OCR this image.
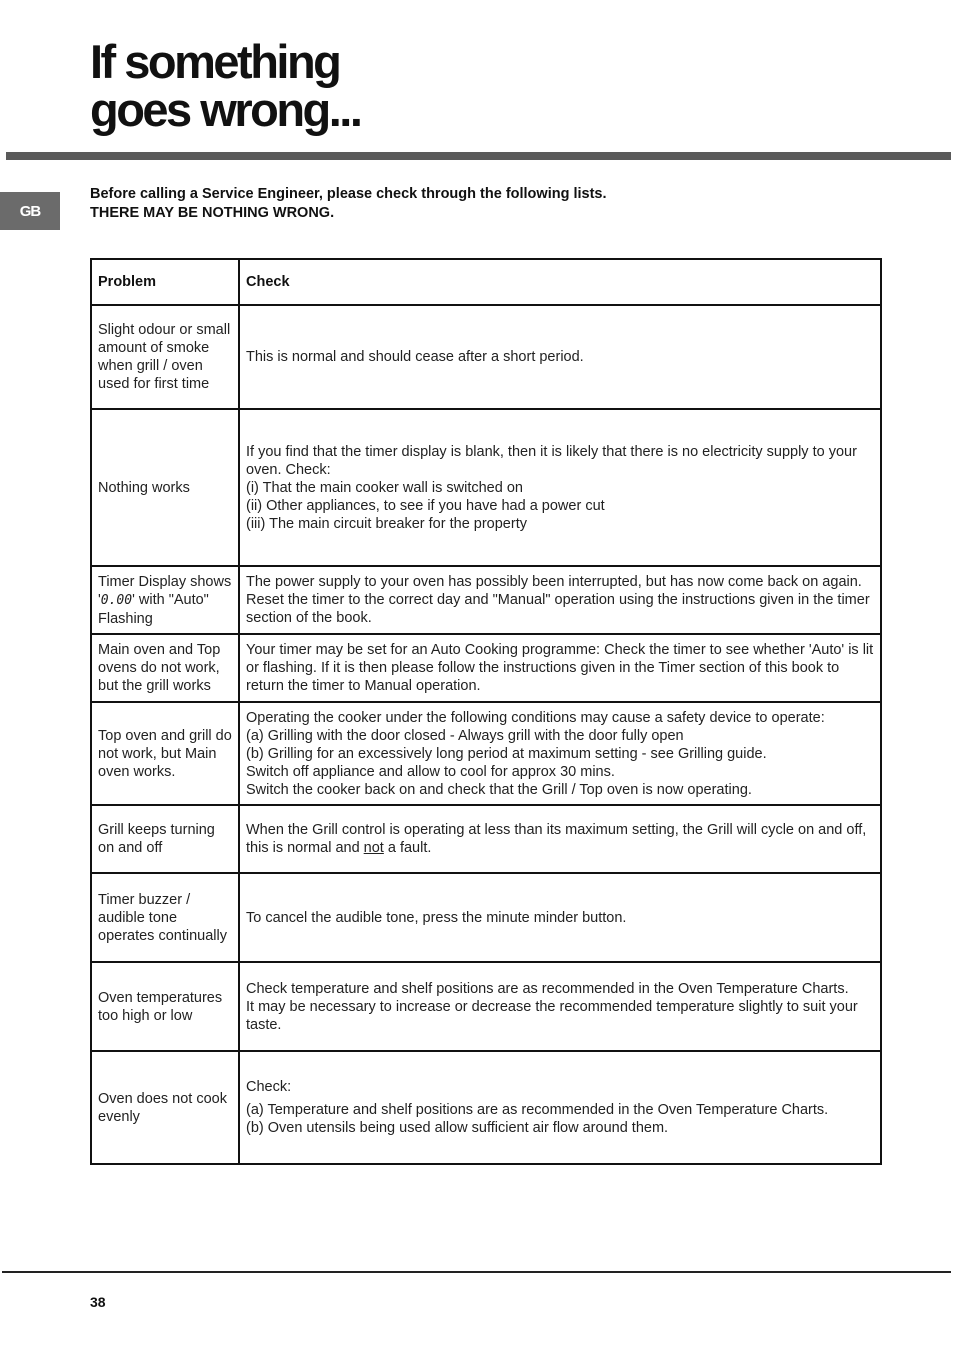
If something
goes wrong...
GB
Before calling a Service Engineer, please check through the following lists.
THERE MAY BE NOTHING WRONG.
Problem	Check
Slight odour or small amount of smoke when grill / oven used for first time	This is normal and should cease after a short period.

Nothing works	If you find that the timer display is blank, then it is likely that there is no electricity supply to your oven. Check:
(i) That the main cooker wall is switched on
(ii) Other appliances, to see if you have had a power cut
(iii) The main circuit breaker for the property

Timer Display shows '0.00' with "Auto" Flashing	The power supply to your oven has possibly been interrupted, but has now come back on again. Reset the timer to the correct day and "Manual" operation using the instructions given in the timer section of the book.

Main oven and Top ovens do not work, but the grill works	Your timer may be set for an Auto Cooking programme: Check the timer to see whether 'Auto' is lit or flashing. If it is then please follow the instructions given in the Timer section of this book to return the timer to Manual operation.

Top oven and grill do not work, but Main oven works.	Operating the cooker under the following conditions may cause a safety device to operate:
(a) Grilling with the door closed - Always grill with the door fully open
(b) Grilling for an excessively long period at maximum setting - see Grilling guide.
Switch off appliance and allow to cool for approx 30 mins.
Switch the cooker back on and check that the Grill / Top oven is now operating.

Grill keeps turning on and off	When the Grill control is operating at less than its maximum setting, the Grill will cycle on and off, this is normal and not a fault.
Timer buzzer / audible tone operates continually	To cancel the audible tone, press the minute minder button.

Oven temperatures too high or low	Check temperature and shelf positions are as recommended in the Oven Temperature Charts.
It may be necessary to increase or decrease the recommended temperature slightly to suit your taste.

Oven does not cook evenly	Check:
(a) Temperature and shelf positions are as recommended in the Oven Temperature Charts.
(b) Oven utensils being used allow sufficient air flow around them.
38
